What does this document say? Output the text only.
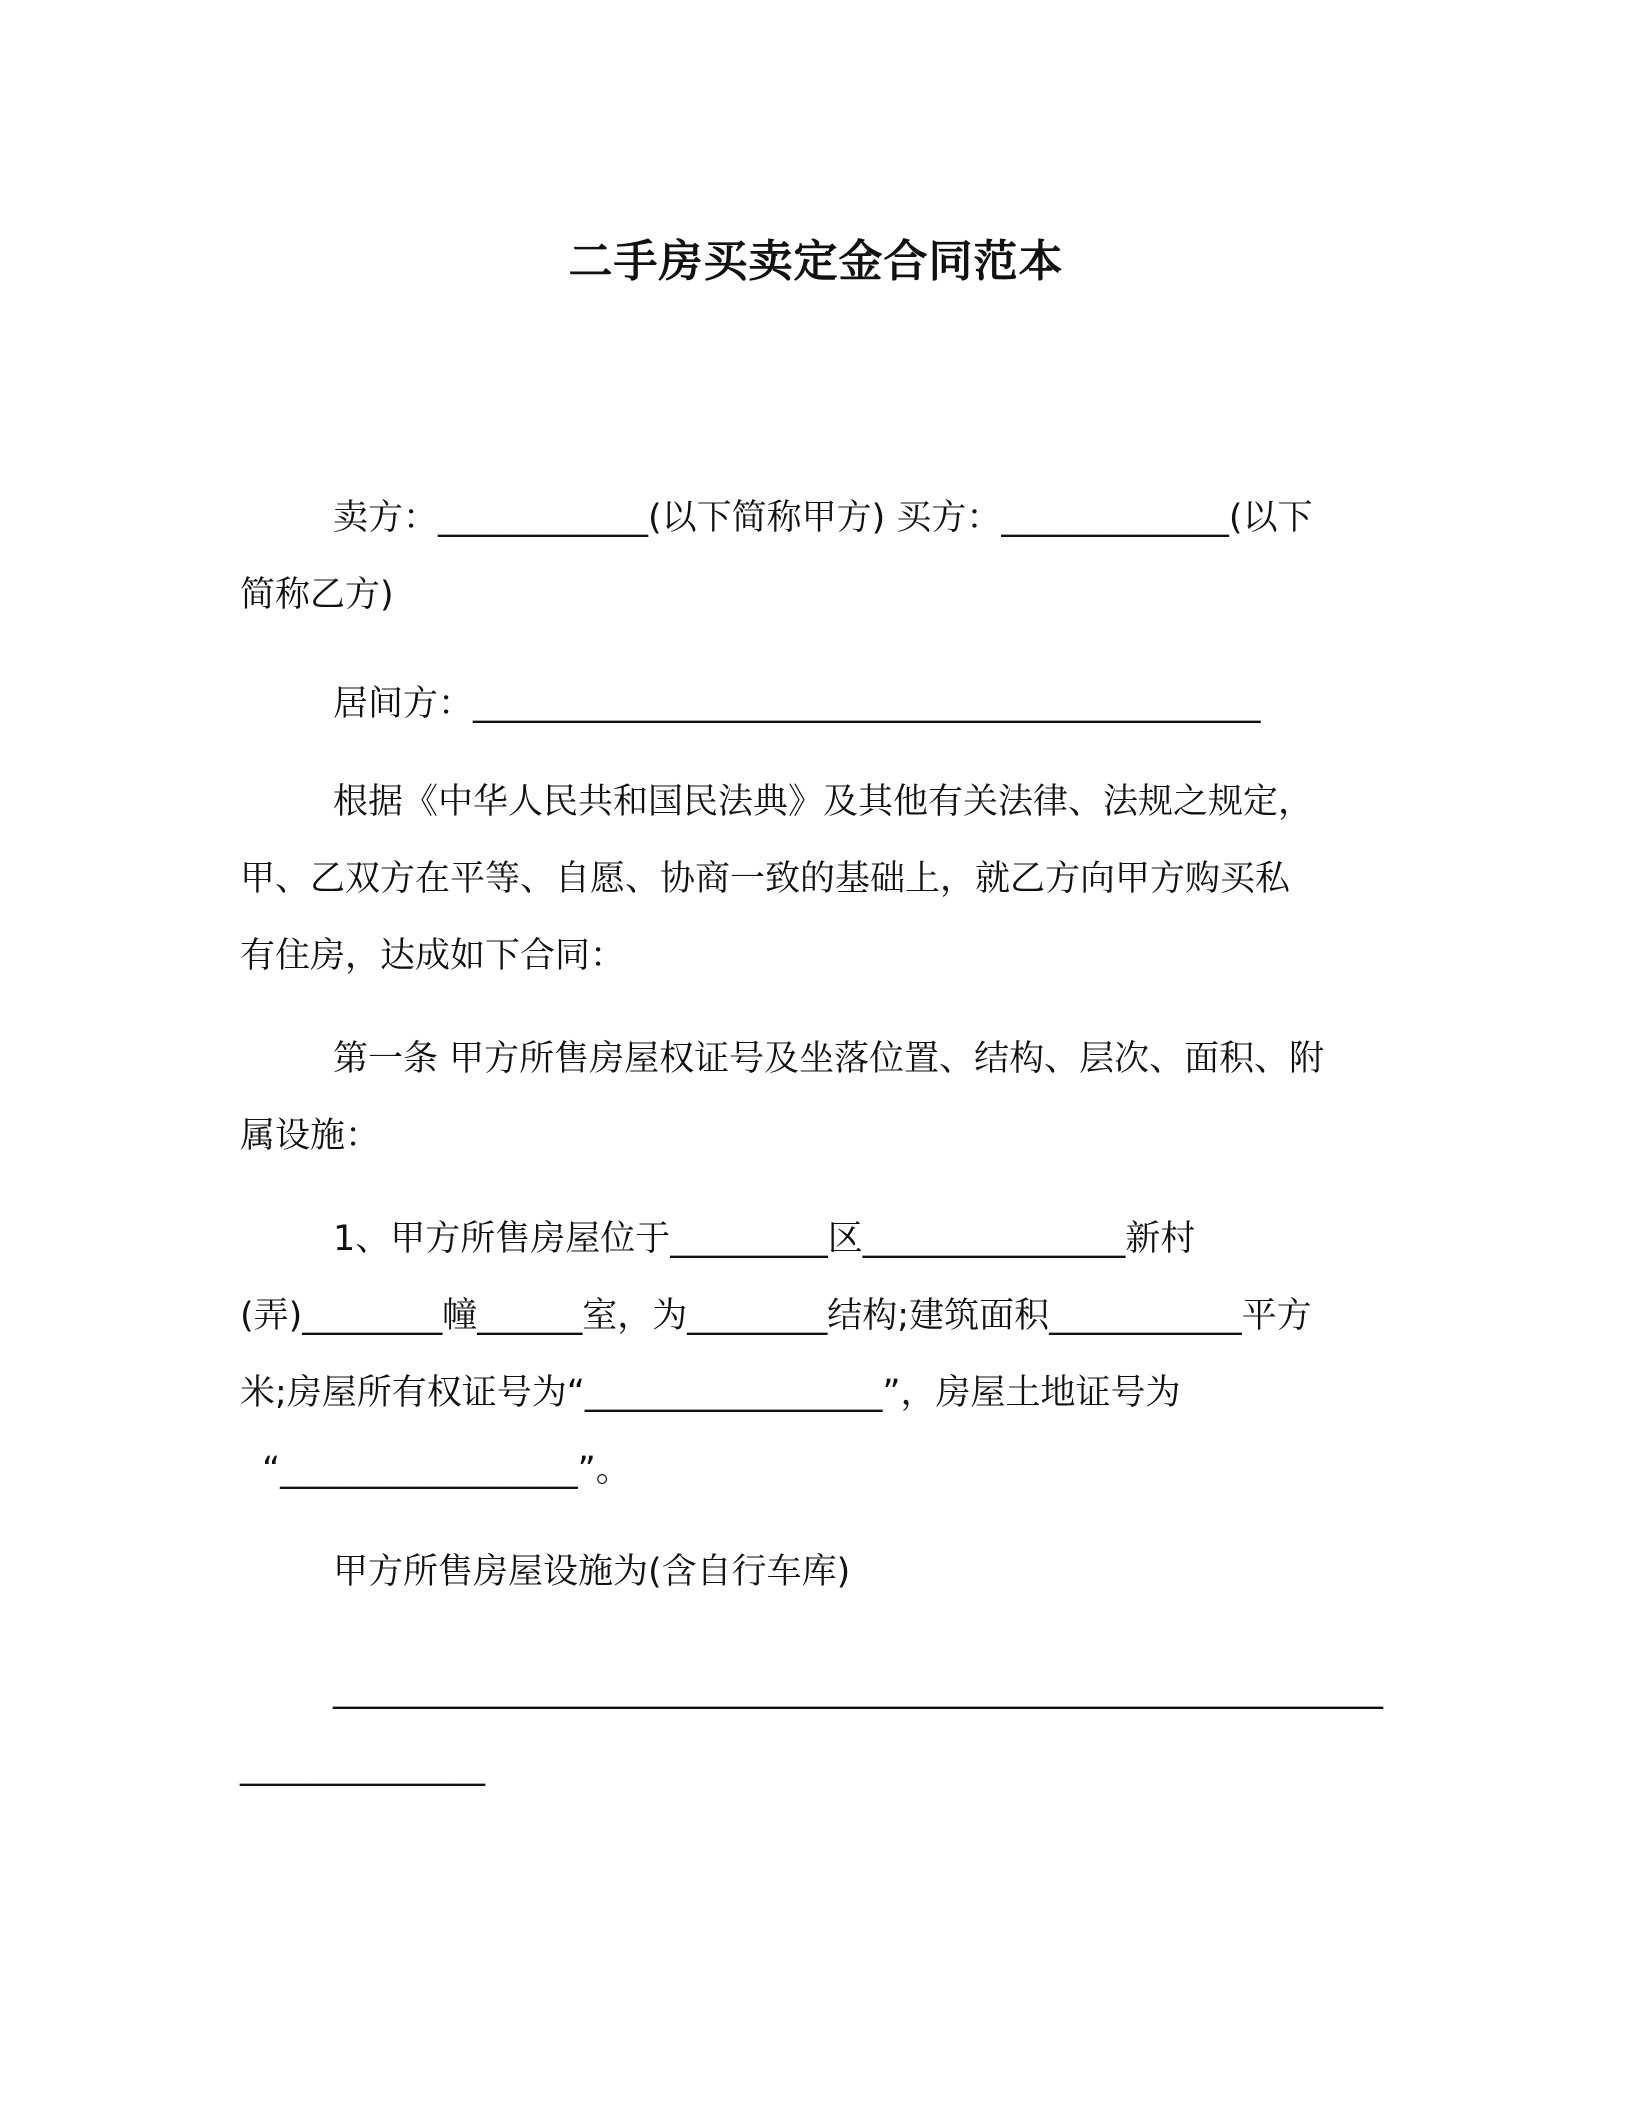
二手房买卖定金合同范本

卖方：____________(以下简称甲方) 买方：_____________(以下

简称乙方)

居间方：_____________________________________________

根据《中华人民共和国民法典》及其他有关法律、法规之规定，

甲、乙双方在平等、自愿、协商一致的基础上，就乙方向甲方购买私

有住房，达成如下合同：

第一条 甲方所售房屋权证号及坐落位置、结构、层次、面积、附

属设施：

1、甲方所售房屋位于_________区_______________新村

(弄)________幢______室，为________结构;建筑面积___________平方

米;房屋所有权证号为“_________________”，房屋土地证号为

“_________________”。

甲方所售房屋设施为(含自行车库)

____________________________________________________________

______________
